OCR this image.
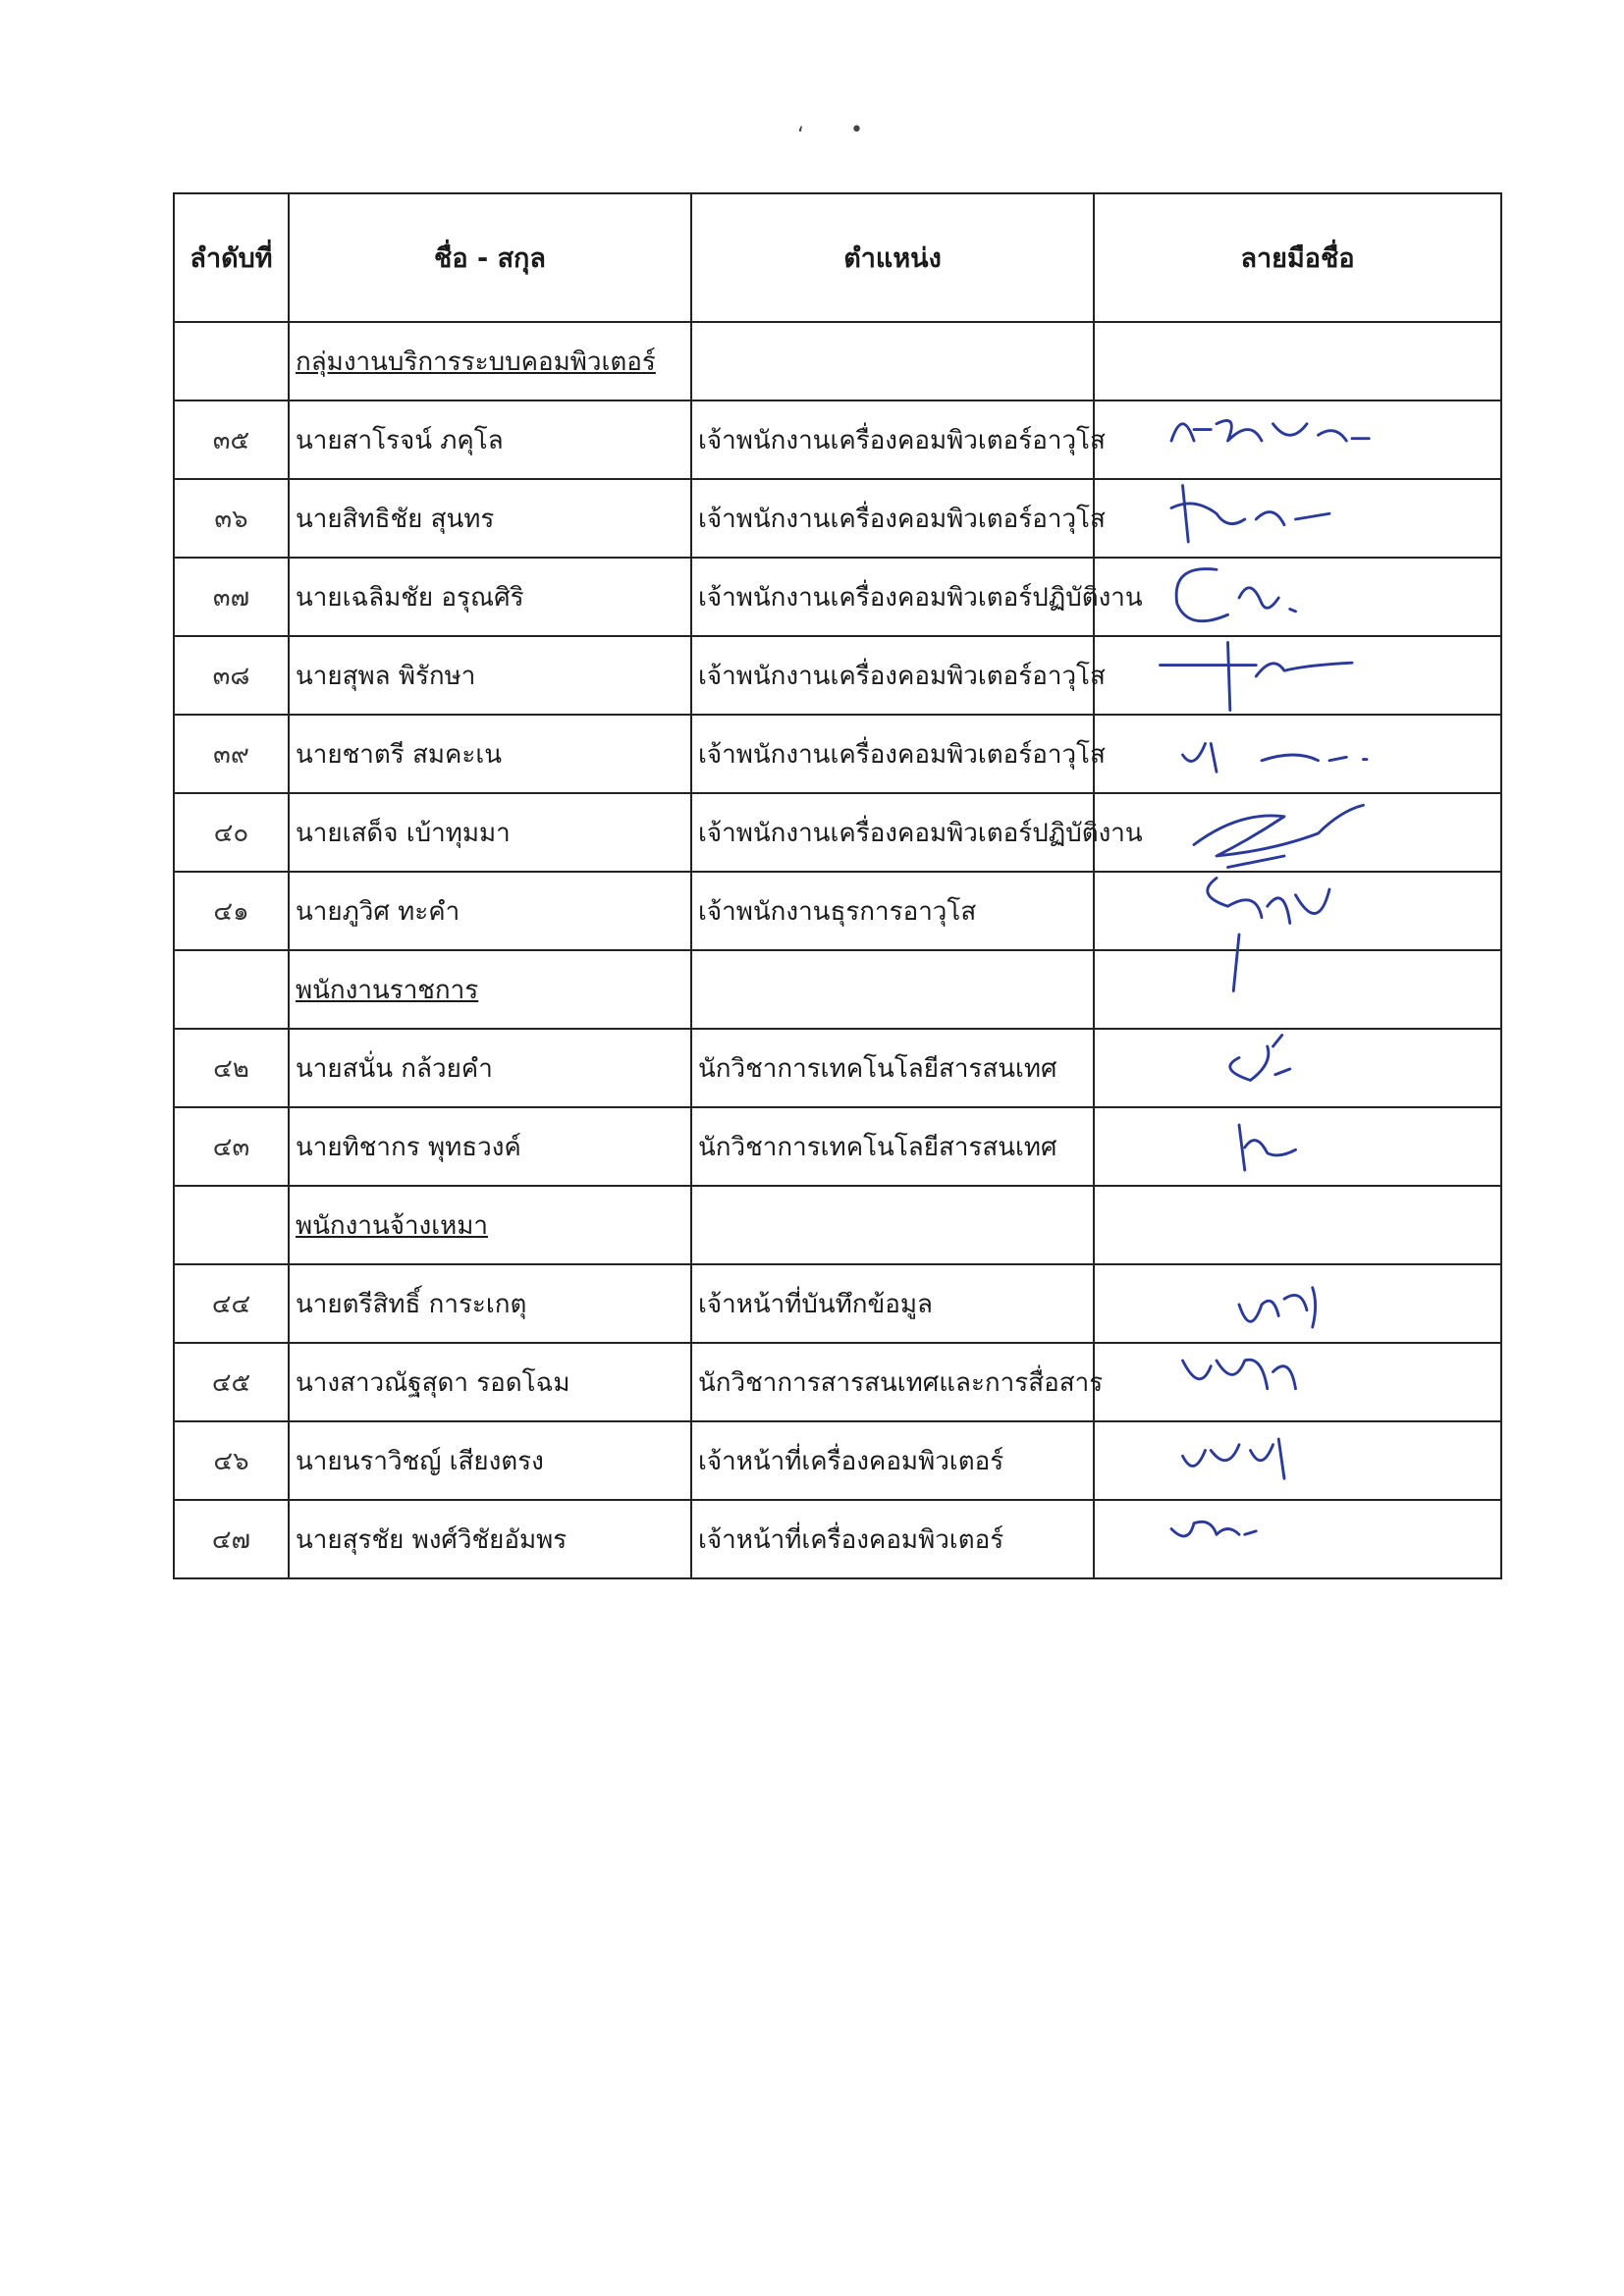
‘ •
ลำดับที่	ชื่อ - สกุล	ตำแหน่ง	ลายมือชื่อ
	กลุ่มงานบริการระบบคอมพิวเตอร์		
๓๕	นายสาโรจน์ ภคุโล	เจ้าพนักงานเครื่องคอมพิวเตอร์อาวุโส	

๓๖	นายสิทธิชัย สุนทร	เจ้าพนักงานเครื่องคอมพิวเตอร์อาวุโส	

๓๗	นายเฉลิมชัย อรุณศิริ	เจ้าพนักงานเครื่องคอมพิวเตอร์ปฏิบัติงาน	

๓๘	นายสุพล พิรักษา	เจ้าพนักงานเครื่องคอมพิวเตอร์อาวุโส	

๓๙	นายชาตรี สมคะเน	เจ้าพนักงานเครื่องคอมพิวเตอร์อาวุโส	

๔๐	นายเสด็จ เบ้าทุมมา	เจ้าพนักงานเครื่องคอมพิวเตอร์ปฏิบัติงาน	

๔๑	นายภูวิศ ทะคำ	เจ้าพนักงานธุรการอาวุโส	

	พนักงานราชการ		
๔๒	นายสนั่น กล้วยคำ	นักวิชาการเทคโนโลยีสารสนเทศ	

๔๓	นายทิชากร พุทธวงค์	นักวิชาการเทคโนโลยีสารสนเทศ	

	พนักงานจ้างเหมา		
๔๔	นายตรีสิทธิ์ การะเกตุ	เจ้าหน้าที่บันทึกข้อมูล	

๔๕	นางสาวณัฐสุดา รอดโฉม	นักวิชาการสารสนเทศและการสื่อสาร	

๔๖	นายนราวิชญ์ เสียงตรง	เจ้าหน้าที่เครื่องคอมพิวเตอร์	

๔๗	นายสุรชัย พงศ์วิชัยอัมพร	เจ้าหน้าที่เครื่องคอมพิวเตอร์	
